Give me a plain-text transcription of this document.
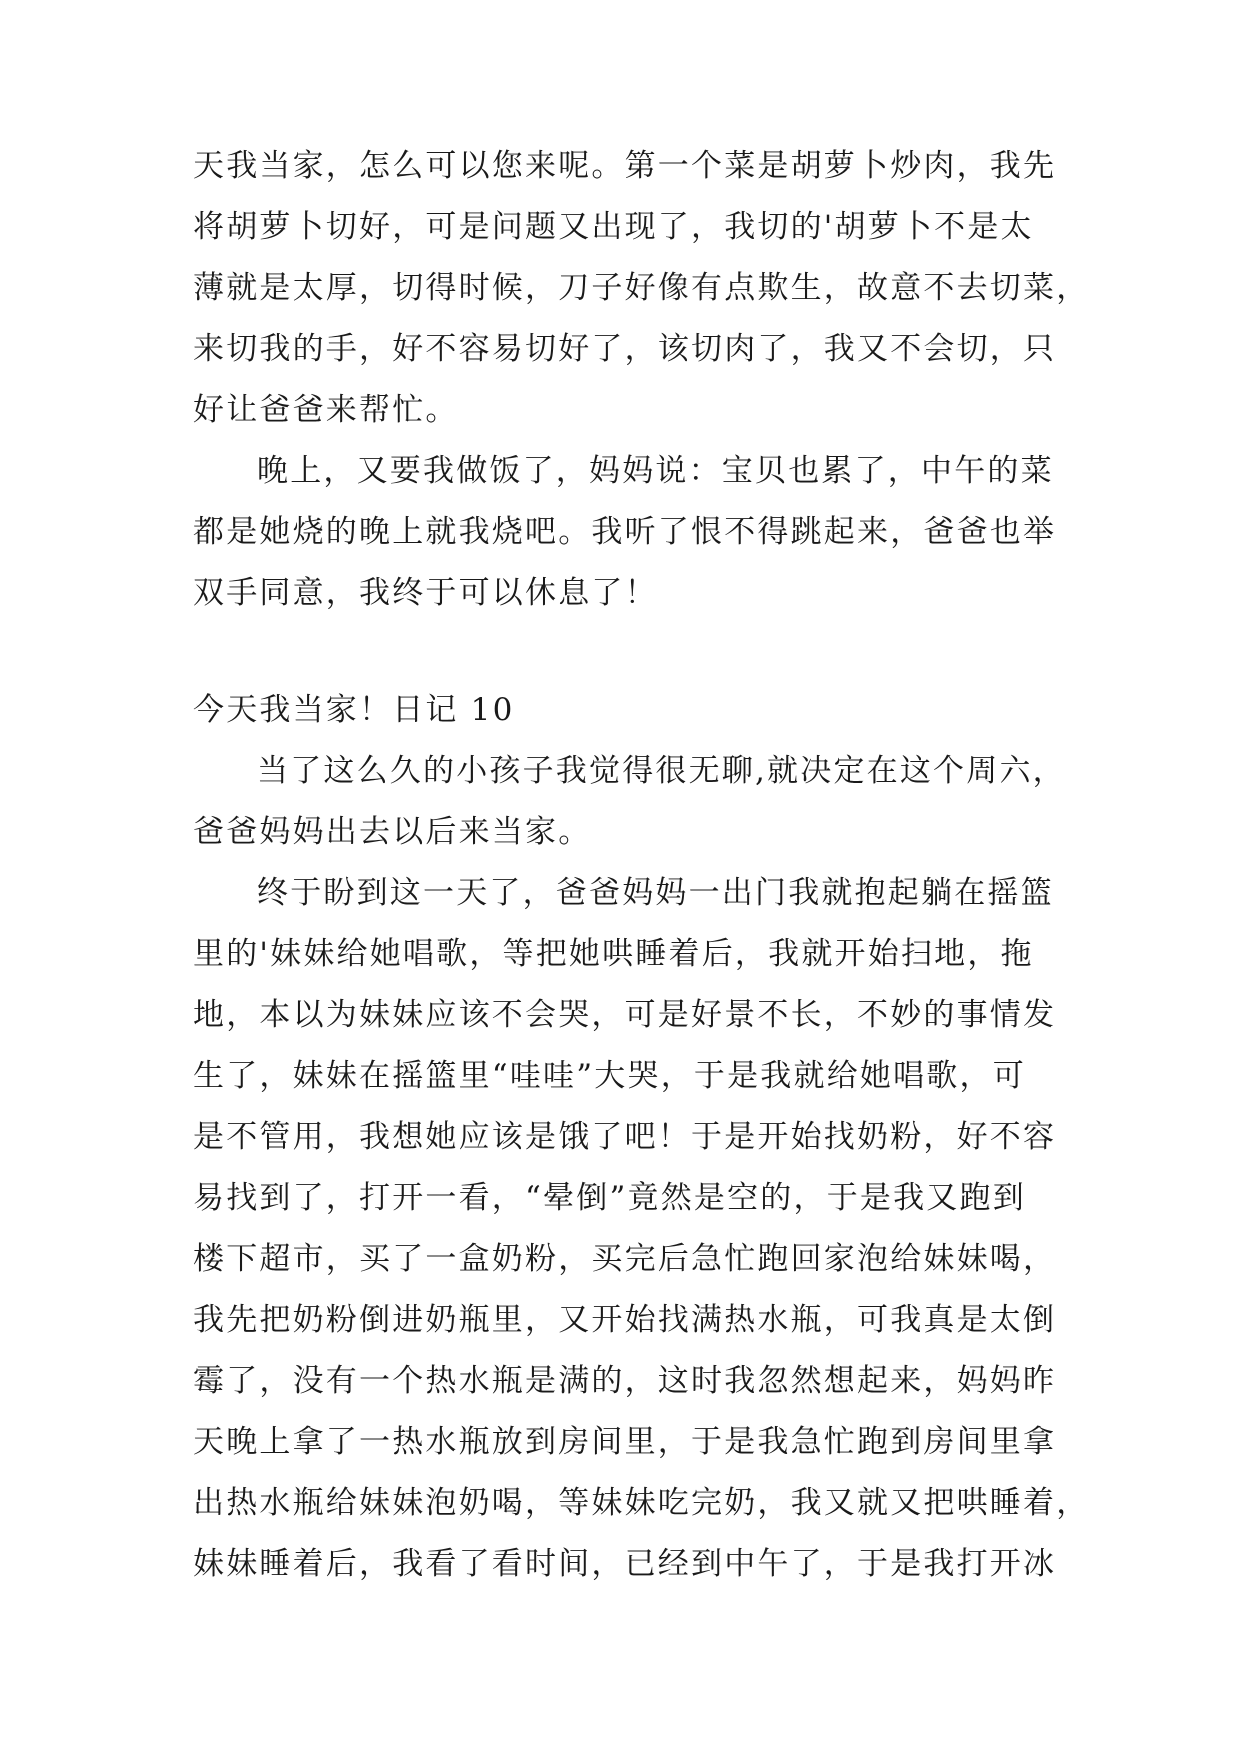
天我当家，怎么可以您来呢。第一个菜是胡萝卜炒肉，我先
将胡萝卜切好，可是问题又出现了，我切的'胡萝卜不是太
薄就是太厚，切得时候，刀子好像有点欺生，故意不去切菜，
来切我的手，好不容易切好了，该切肉了，我又不会切，只
好让爸爸来帮忙。
晚上，又要我做饭了，妈妈说：宝贝也累了，中午的菜
都是她烧的晚上就我烧吧。我听了恨不得跳起来，爸爸也举
双手同意，我终于可以休息了！
今天我当家！日记 10
当了这么久的小孩子我觉得很无聊,就决定在这个周六，
爸爸妈妈出去以后来当家。
终于盼到这一天了，爸爸妈妈一出门我就抱起躺在摇篮
里的'妹妹给她唱歌，等把她哄睡着后，我就开始扫地，拖
地，本以为妹妹应该不会哭，可是好景不长，不妙的事情发
生了，妹妹在摇篮里“哇哇”大哭，于是我就给她唱歌，可
是不管用，我想她应该是饿了吧！于是开始找奶粉，好不容
易找到了，打开一看，“晕倒”竟然是空的，于是我又跑到
楼下超市，买了一盒奶粉，买完后急忙跑回家泡给妹妹喝，
我先把奶粉倒进奶瓶里，又开始找满热水瓶，可我真是太倒
霉了，没有一个热水瓶是满的，这时我忽然想起来，妈妈昨
天晚上拿了一热水瓶放到房间里，于是我急忙跑到房间里拿
出热水瓶给妹妹泡奶喝，等妹妹吃完奶，我又就又把哄睡着，
妹妹睡着后，我看了看时间，已经到中午了，于是我打开冰
